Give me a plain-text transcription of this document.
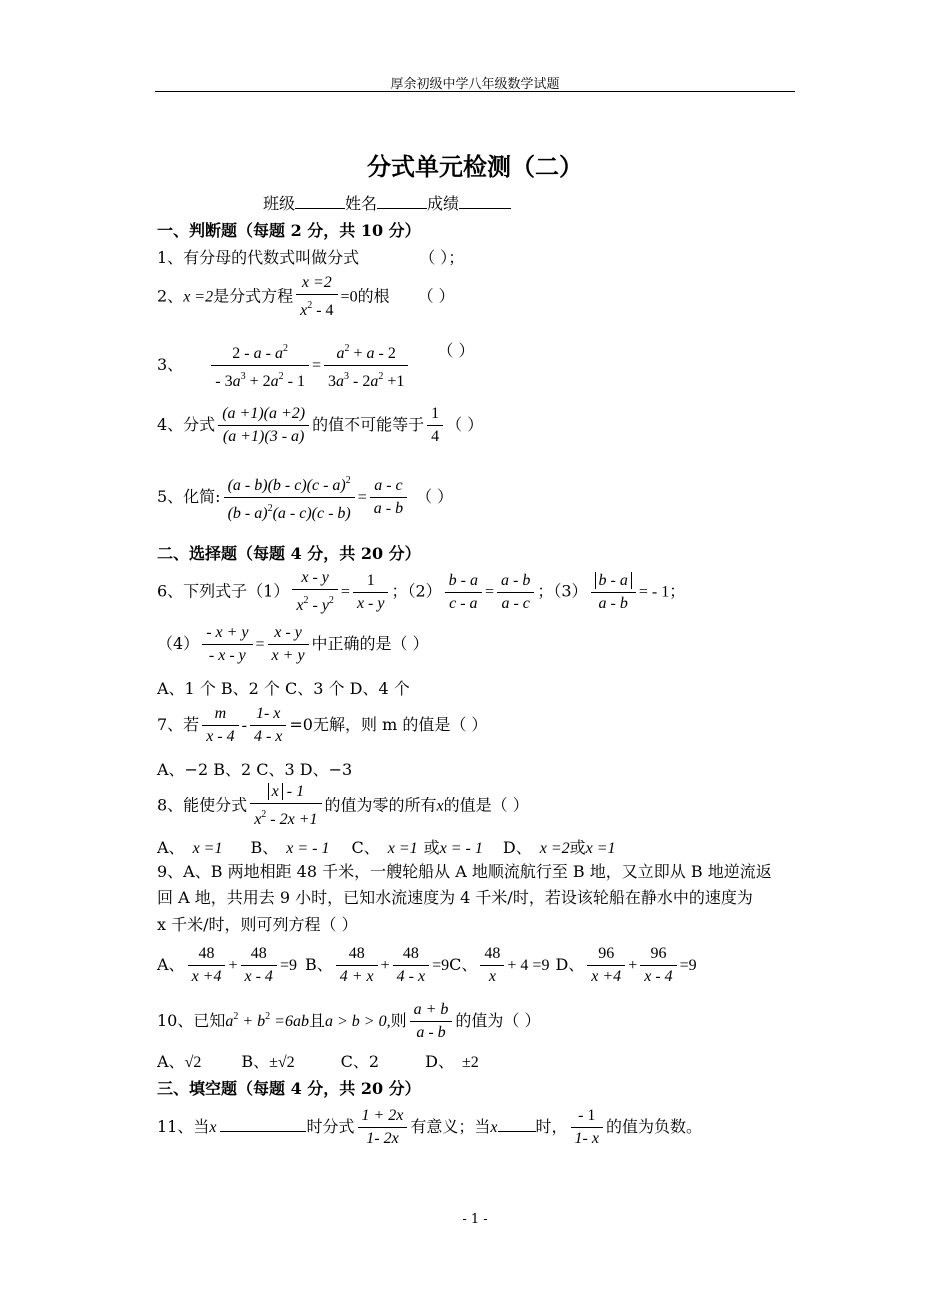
厚余初级中学八年级数学试题
分式单元检测（二）
班级	姓名	成绩
一、判断题（每题 2 分，共 10 分）
1、有分母的代数式叫做分式	（ ）；
2、x =2是分式方程 $\frac{x =2}{x^2 - 4} =0$的根 （ ）
3、 $\frac{2 - a - a^2}{- 3a^3 + 2a^2 - 1} = \frac{a^2 + a - 2}{3a^3 - 2a^2 +1}$ （ ）
4、分式 $\frac{(a +1)(a +2)}{(a +1)(3 - a)}$ 的值不可能等于 $\frac{1}{4}$ （ ）
5、化简: $\frac{(a - b)(b - c)(c - a)^2}{(b - a)^2(a - c)(c - b)} = \frac{a - c}{a - b}$ （ ）
二、选择题（每题 4 分，共 20 分）
6、下列式子$(1) \frac{x - y}{x^2 - y^2} = \frac{1}{x - y}$ ；$(2) \frac{b - a}{c - a} = \frac{a - b}{a - c}$ ；$(3) \frac{b - a}{a - b}$ = - 1；
$(4) \frac{- x + y}{- x - y} = \frac{x - y}{x + y}$ 中正确的是（ ）
A、1 个 B、2 个 C、3 个 D、4 个
7、若 $\frac{m}{x - 4} - \frac{1- x}{4 - x} =0$无解，则 m 的值是（ ）
A、−2 B、2 C、3 D、−3
8、能使分式 $\frac{x - 1}{x^2 - 2x +1}$ 的值为零的所有x的值是（ ）
A、 x =1 B、 x = - 1 C、 x =1 或x = - 1 D、 x =2或x =1
9、A、B 两地相距 48 千米，一艘轮船从 A 地顺流航行至 B 地，又立即从 B 地逆流返
回 A 地，共用去 9 小时，已知水流速度为 4 千米/时，若设该轮船在静水中的速度为
x 千米/时，则可列方程（ ）
A、 $\frac{48}{x +4} + \frac{48}{x - 4} =9$ B、 $\frac{48}{4 + x} + \frac{48}{4 - x} =9C$、 $\frac{48}{x} + 4 =9$ D、 $\frac{96}{x +4} + \frac{96}{x - 4} =9$
10、已知$a^2 + b^2 =6ab$且a > b > 0,则 $\frac{a + b}{a - b}$ 的值为（ ）
A、√2	B、±√2	C、2	D、 ±2
三、填空题（每题 4 分，共 20 分）
11、当x	时分式 $\frac{1 + 2x}{1- 2x}$ 有意义；当x 时， $\frac{- 1}{1- x}$ 的值为负数。
- 1 -
